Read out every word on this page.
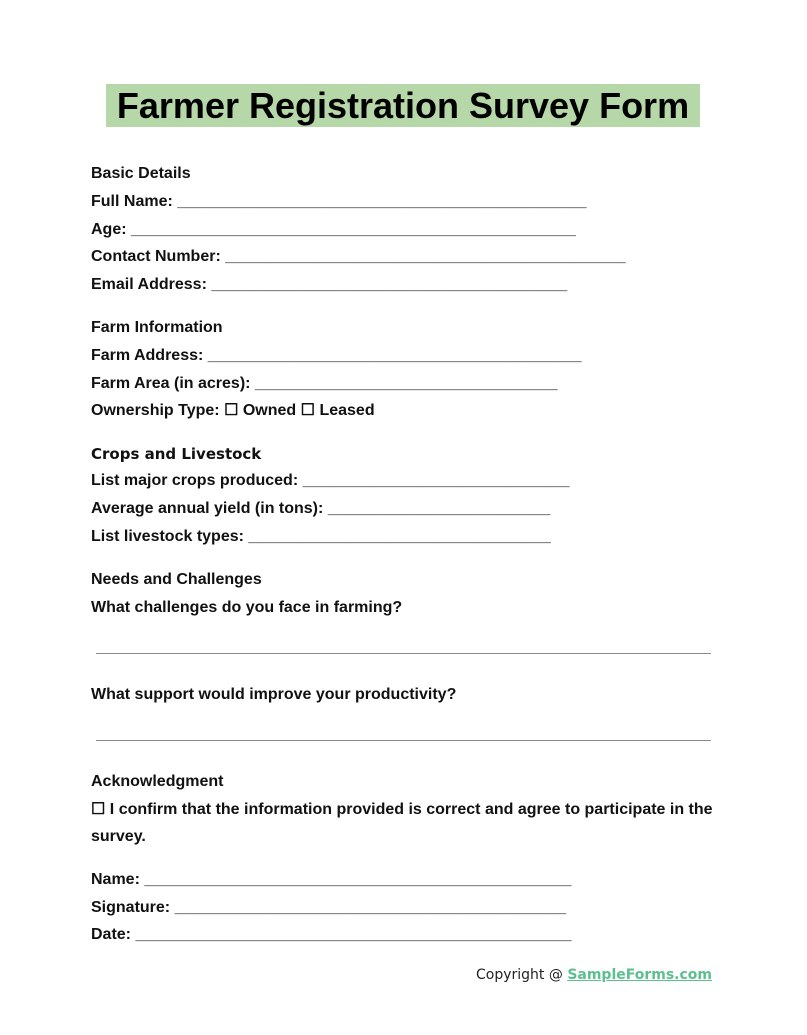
Farmer Registration Survey Form
Basic Details
Full Name: ______________________________________________
Age: __________________________________________________
Contact Number: _____________________________________________
Email Address: ________________________________________
Farm Information
Farm Address: __________________________________________
Farm Area (in acres): __________________________________
Ownership Type: ☐ Owned ☐ Leased
Crops and Livestock
List major crops produced: ______________________________
Average annual yield (in tons): _________________________
List livestock types: __________________________________
Needs and Challenges
What challenges do you face in farming?
What support would improve your productivity?
Acknowledgment
☐ I confirm that the information provided is correct and agree to participate in the
survey.
Name: ________________________________________________
Signature: ____________________________________________
Date: _________________________________________________
Copyright @ SampleForms.com
